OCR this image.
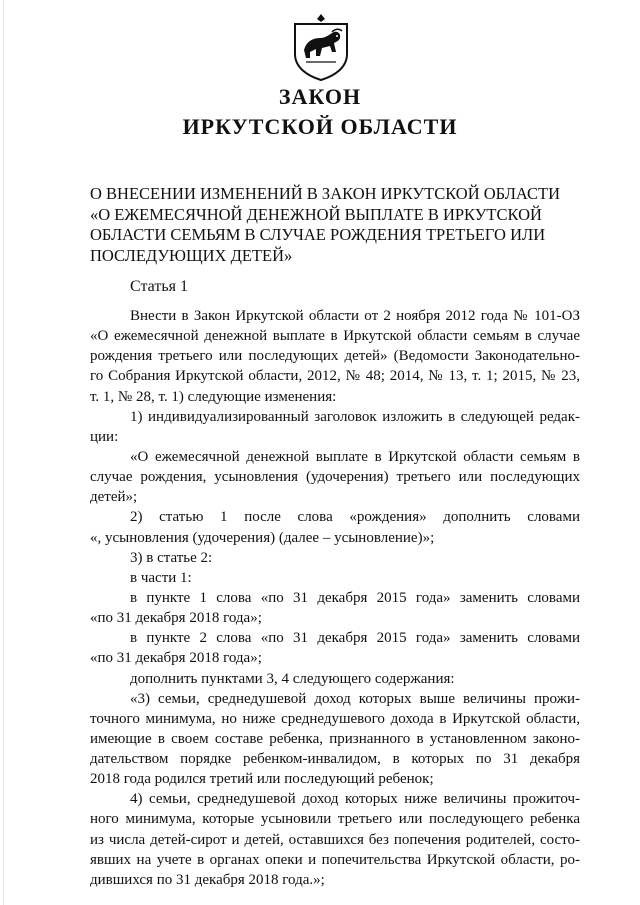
ЗАКОН
ИРКУТСКОЙ ОБЛАСТИ
О ВНЕСЕНИИ ИЗМЕНЕНИЙ В ЗАКОН ИРКУТСКОЙ ОБЛАСТИ «О ЕЖЕМЕСЯЧНОЙ ДЕНЕЖНОЙ ВЫПЛАТЕ В ИРКУТСКОЙ ОБЛАСТИ СЕМЬЯМ В СЛУЧАЕ РОЖДЕНИЯ ТРЕТЬЕГО ИЛИ ПОСЛЕДУЮЩИХ ДЕТЕЙ»
Статья 1
Внести в Закон Иркутской области от 2 ноября 2012 года № 101-ОЗ
«О ежемесячной денежной выплате в Иркутской области семьям в случае
рождения третьего или последующих детей» (Ведомости Законодательно-
го Собрания Иркутской области, 2012, № 48; 2014, № 13, т. 1; 2015, № 23,
т. 1, № 28, т. 1) следующие изменения:
1) индивидуализированный заголовок изложить в следующей редак-
ции:
«О ежемесячной денежной выплате в Иркутской области семьям в
случае рождения, усыновления (удочерения) третьего или последующих
детей»;
2) статью 1 после слова «рождения» дополнить словами
«, усыновления (удочерения) (далее – усыновление)»;
3) в статье 2:
в части 1:
в пункте 1 слова «по 31 декабря 2015 года» заменить словами
«по 31 декабря 2018 года»;
в пункте 2 слова «по 31 декабря 2015 года» заменить словами
«по 31 декабря 2018 года»;
дополнить пунктами 3, 4 следующего содержания:
«3) семьи, среднедушевой доход которых выше величины прожи-
точного минимума, но ниже среднедушевого дохода в Иркутской области,
имеющие в своем составе ребенка, признанного в установленном законо-
дательством порядке ребенком-инвалидом, в которых по 31 декабря
2018 года родился третий или последующий ребенок;
4) семьи, среднедушевой доход которых ниже величины прожиточ-
ного минимума, которые усыновили третьего или последующего ребенка
из числа детей-сирот и детей, оставшихся без попечения родителей, состо-
явших на учете в органах опеки и попечительства Иркутской области, ро-
дившихся по 31 декабря 2018 года.»;
